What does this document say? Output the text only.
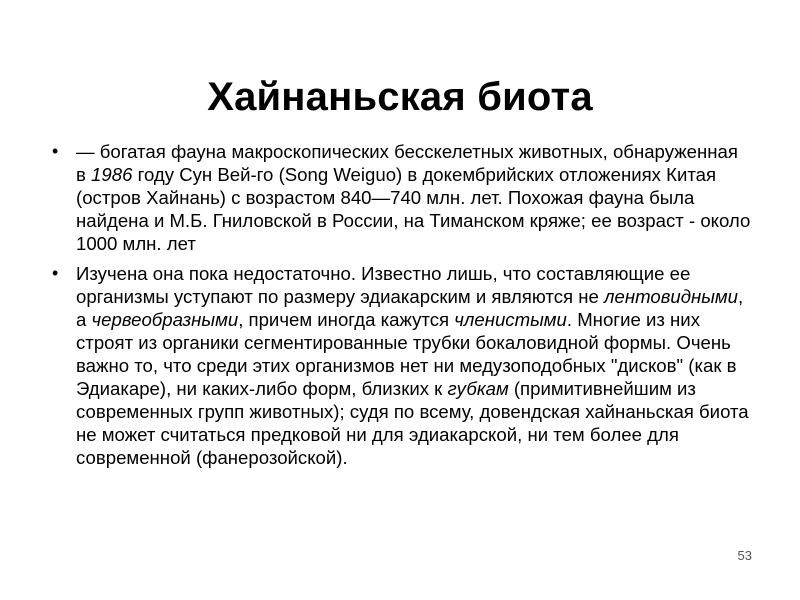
Хайнаньская биота
• — богатая фауна макроскопических бесскелетных животных, обнаруженная в 1986 году Сун Вей-го (Song Weiguo) в докембрийских отложениях Китая (остров Хайнань) с возрастом 840—740 млн. лет. Похожая фауна была найдена и М.Б. Гниловской в России, на Тиманском кряже; ее возраст - около 1000 млн. лет
• Изучена она пока недостаточно. Известно лишь, что составляющие ее организмы уступают по размеру эдиакарским и являются не лентовидными, а червеобразными, причем иногда кажутся членистыми. Многие из них строят из органики сегментированные трубки бокаловидной формы. Очень важно то, что среди этих организмов нет ни медузоподобных "дисков" (как в Эдиакаре), ни каких-либо форм, близких к губкам (примитивнейшим из современных групп животных); судя по всему, довендская хайнаньская биота не может считаться предковой ни для эдиакарской, ни тем более для современной (фанерозойской).
53
